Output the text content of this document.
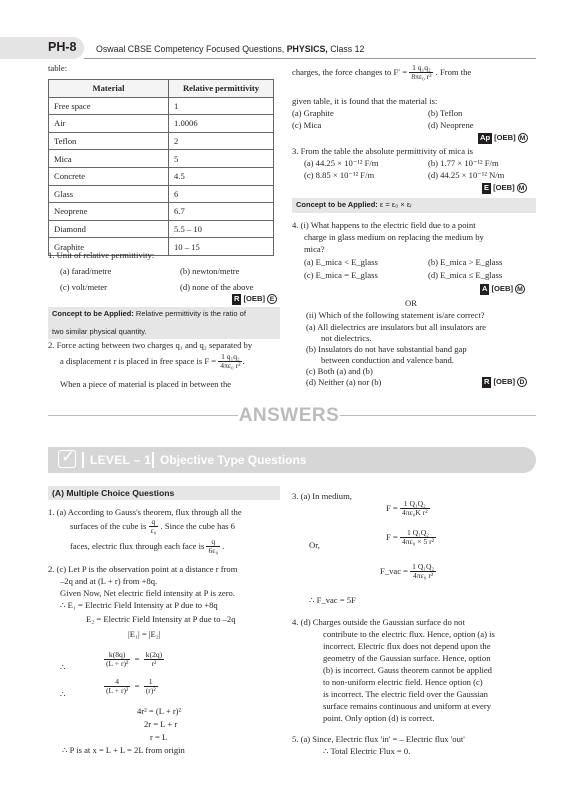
PH-8 Oswaal CBSE Competency Focused Questions, PHYSICS, Class 12
table:
Material	Relative permittivity
Free space	1
Air	1.0006
Teflon	2
Mica	5
Concrete	4.5
Glass	6
Neoprene	6.7
Diamond	5.5 – 10
Graphite	10 – 15
1. Unit of relative permittivity:
(a) farad/metre	(b) newton/metre
(c) volt/meter	(d) none of the above
R [OEB] E
Concept to be Applied: Relative permittivity is the ratio of
two similar physical quantity.
2. Force acting between two charges q₁ and q₂ separated by
a displacement r is placed in free space is $F = \frac{\text{1 q₁q₂}}{\text{4πε₀ r²}}$ .
When a piece of material is placed in between the
charges, the force changes to $F' = \frac{\text{1 q₁q₂}}{\text{8πε₀ r²}}$ . From the
given table, it is found that the material is:
(a) Graphite	(b) Teflon
(c) Mica	(d) Neoprene
Ap [OEB] M
3. From the table the absolute permittivity of mica is
(a) 44.25 × 10⁻¹² F/m	(b) 1.77 × 10⁻¹² F/m
(c) 8.85 × 10⁻¹² F/m	(d) 44.25 × 10⁻¹² N/m
E [OEB] M
Concept to be Applied: ε = ε₀ × εᵣ
4. (i) What happens to the electric field due to a point
charge in glass medium on replacing the medium by
mica?
(a) E_mica < E_glass	(b) E_mica > E_glass
(c) E_mica = E_glass	(d) E_mica ≤ E_glass
A [OEB] M
OR
(ii) Which of the following statement is/are correct?
(a) All dielectrics are insulators but all insulators are
not dielectrics.
(b) Insulators do not have substantial band gap
between conduction and valence band.
(c) Both (a) and (b)
(d) Neither (a) nor (b)	R [OEB] D
ANSWERS
✓ LEVEL – 1 Objective Type Questions
(A) Multiple Choice Questions
1. (a) According to Gauss's theorem, flux through all the
surfaces of the cube is $\frac{q}{\text{ε₀}}$ . Since the cube has 6
faces, electric flux through each face is $\frac{q}{\text{6ε₀}}$ .
2. (c) Let P is the observation point at a distance r from
–2q and at (L + r) from +8q.
Given Now, Net electric field intensity at P is zero.
∴ E₁ = Electric Field Intensity at P due to +8q
E₂ = Electric Field Intensity at P due to –2q
|E₁| = |E₂|
∴	$\frac{k(8q)}{\text{(L + r)²}} = \frac{k(2q)}{\text{r²}}$
∴	$\frac{4}{\text{(L + r)²}} = \frac{1}{\text{(r)²}}$
4r² = (L + r)²
2r = L + r
r = L
∴ P is at x = L + L = 2L from origin
3. (a) In medium,
$F = \frac{\text{1 Q₁Q₂}}{\text{4πε₀K r²}}$
Or,
$F = \frac{\text{1 Q₁Q₂}}{\text{4πε₀ × 5 r²}}$
F_vac = $\frac{\text{1 Q₁Q₂}}{\text{4πε₀ r²}}$
∴ F_vac = 5F
4. (d) Charges outside the Gaussian surface do not
contribute to the electric flux. Hence, option (a) is
incorrect. Electric flux does not depend upon the
geometry of the Gaussian surface. Hence, option
(b) is incorrect. Gauss theorem cannot be applied
to non-uniform electric field. Hence option (c)
is incorrect. The electric field over the Gaussian
surface remains continuous and uniform at every
point. Only option (d) is correct.
5. (a) Since, Electric flux 'in' = – Electric flux 'out'
∴ Total Electric Flux = 0.
